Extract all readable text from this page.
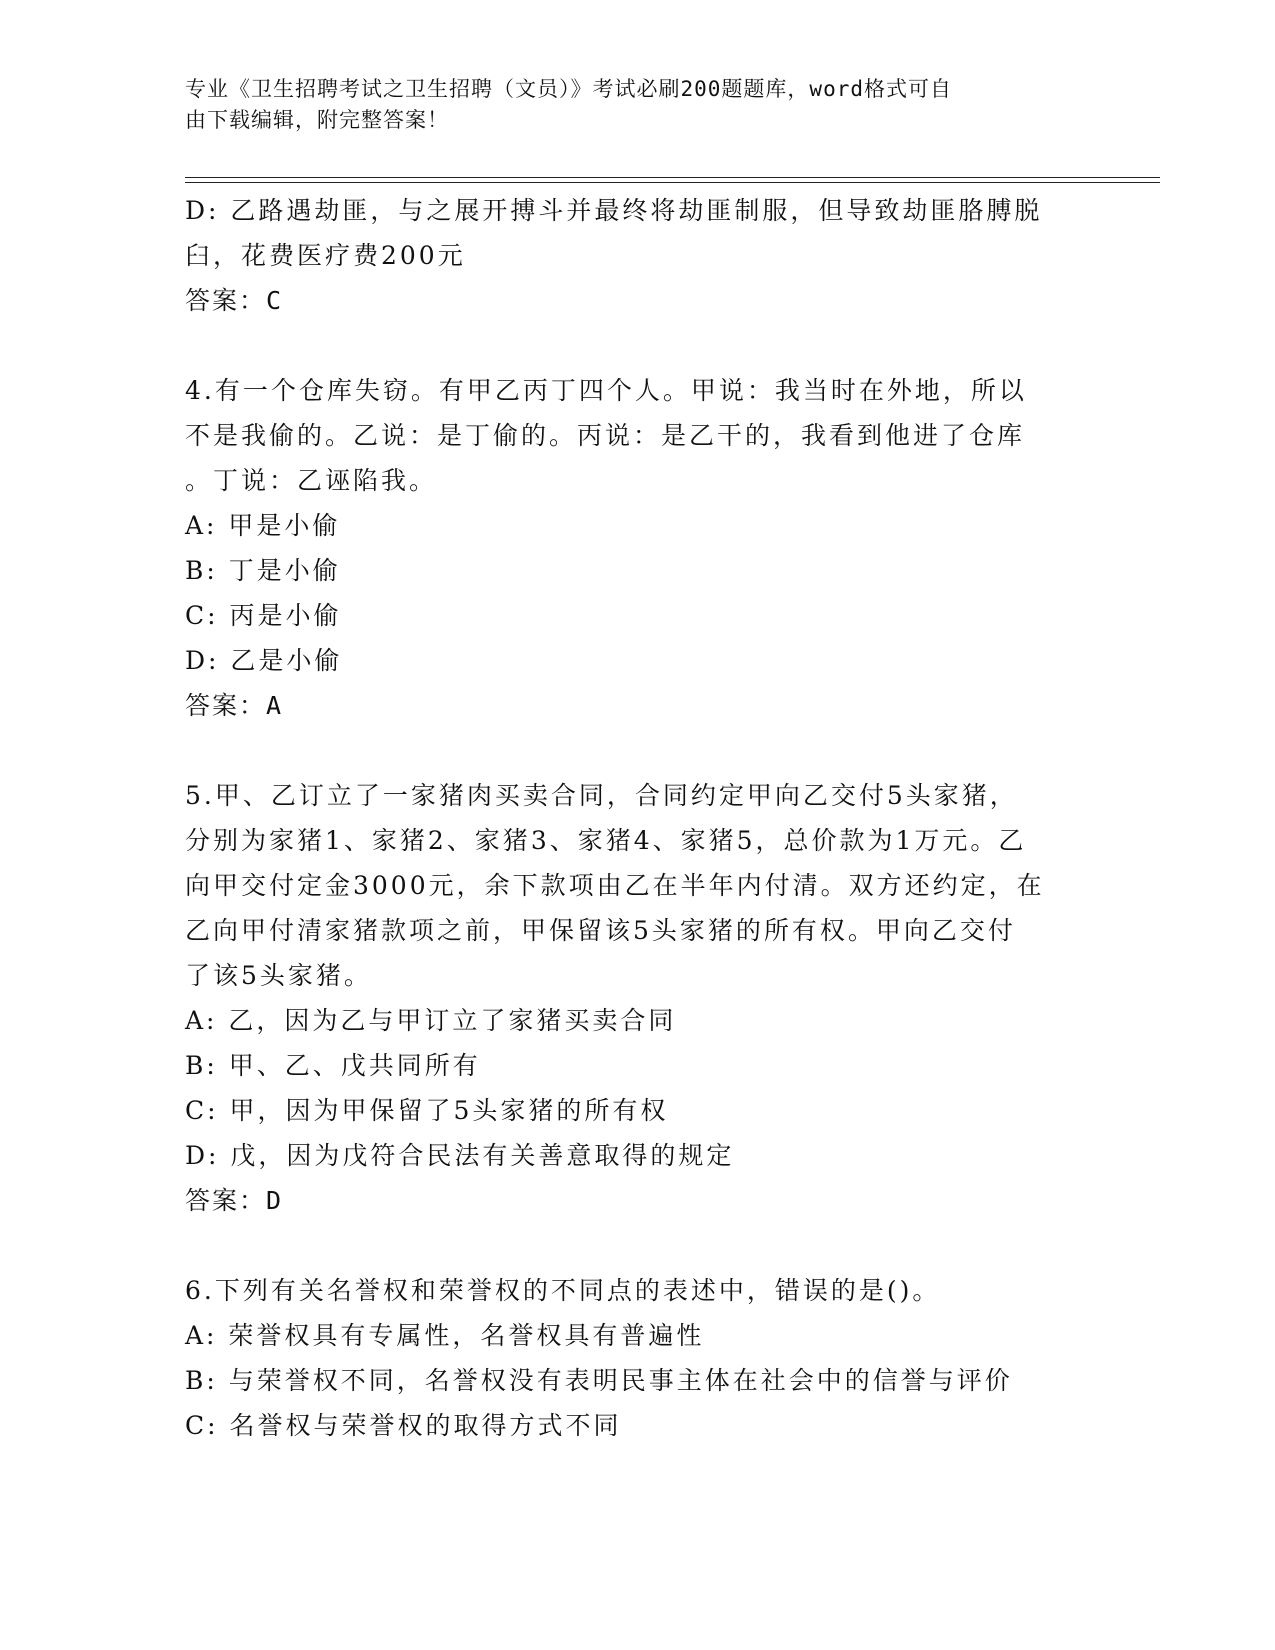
专业《卫生招聘考试之卫生招聘（文员）》考试必刷200题题库，word格式可自
由下载编辑，附完整答案！
D: 乙路遇劫匪，与之展开搏斗并最终将劫匪制服，但导致劫匪胳膊脱
臼，花费医疗费200元
答案：C
4.有一个仓库失窃。有甲乙丙丁四个人。甲说：我当时在外地，所以
不是我偷的。乙说：是丁偷的。丙说：是乙干的，我看到他进了仓库
。丁说：乙诬陷我。
A: 甲是小偷
B: 丁是小偷
C: 丙是小偷
D: 乙是小偷
答案：A
5.甲、乙订立了一家猪肉买卖合同，合同约定甲向乙交付5头家猪，
分别为家猪1、家猪2、家猪3、家猪4、家猪5，总价款为1万元。乙
向甲交付定金3000元，余下款项由乙在半年内付清。双方还约定，在
乙向甲付清家猪款项之前，甲保留该5头家猪的所有权。甲向乙交付
了该5头家猪。
A: 乙，因为乙与甲订立了家猪买卖合同
B: 甲、乙、戊共同所有
C: 甲，因为甲保留了5头家猪的所有权
D: 戊，因为戊符合民法有关善意取得的规定
答案：D
6.下列有关名誉权和荣誉权的不同点的表述中，错误的是()。
A: 荣誉权具有专属性，名誉权具有普遍性
B: 与荣誉权不同，名誉权没有表明民事主体在社会中的信誉与评价
C: 名誉权与荣誉权的取得方式不同
